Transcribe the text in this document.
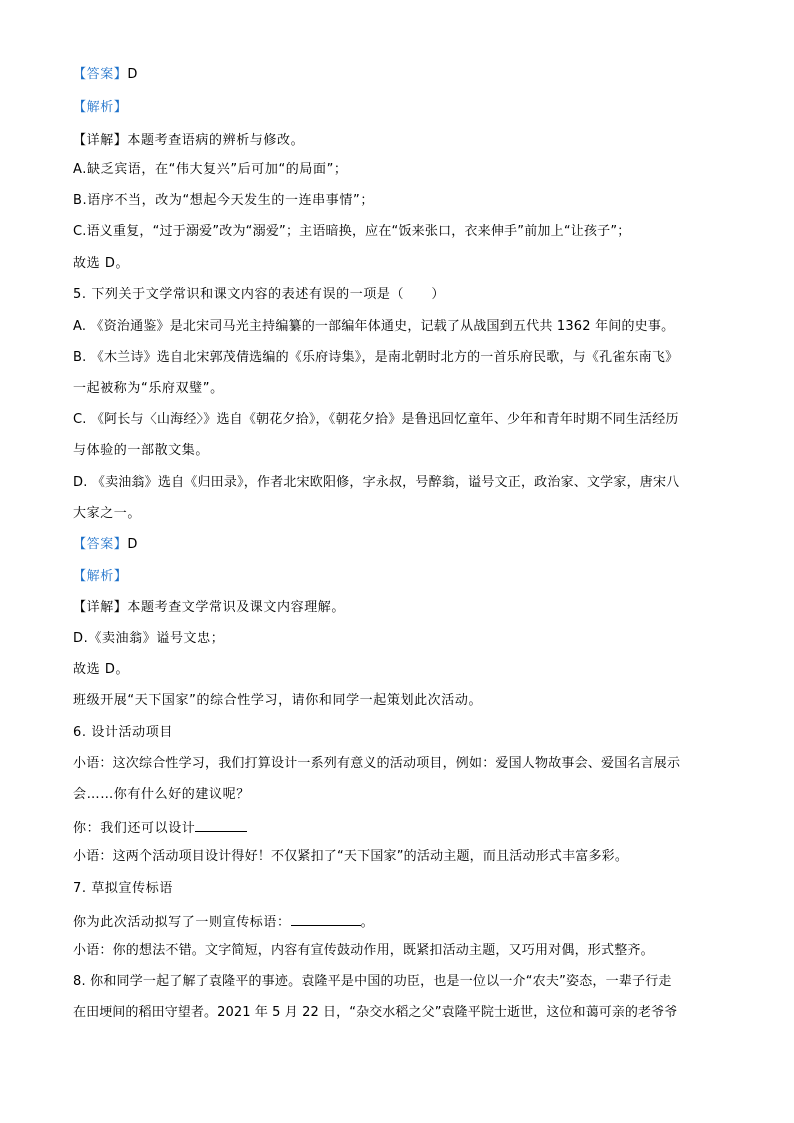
【答案】D
【解析】
【详解】本题考查语病的辨析与修改。
A.缺乏宾语，在“伟大复兴”后可加“的局面”；
B.语序不当，改为“想起今天发生的一连串事情”；
C.语义重复，“过于溺爱”改为“溺爱”；主语暗换，应在“饭来张口，衣来伸手”前加上“让孩子”；
故选 D。
5. 下列关于文学常识和课文内容的表述有误的一项是（　　）
A. 《资治通鉴》是北宋司马光主持编纂的一部编年体通史，记载了从战国到五代共 1362 年间的史事。
B. 《木兰诗》选自北宋郭茂倩选编的《乐府诗集》，是南北朝时北方的一首乐府民歌，与《孔雀东南飞》
一起被称为“乐府双璧”。
C. 《阿长与〈山海经〉》选自《朝花夕拾》，《朝花夕拾》是鲁迅回忆童年、少年和青年时期不同生活经历
与体验的一部散文集。
D. 《卖油翁》选自《归田录》，作者北宋欧阳修，字永叔，号醉翁，谥号文正，政治家、文学家，唐宋八
大家之一。
【答案】D
【解析】
【详解】本题考查文学常识及课文内容理解。
D.《卖油翁》谥号文忠；
故选 D。
班级开展“天下国家”的综合性学习，请你和同学一起策划此次活动。
6. 设计活动项目
小语：这次综合性学习，我们打算设计一系列有意义的活动项目，例如：爱国人物故事会、爱国名言展示
会……你有什么好的建议呢？
你：我们还可以设计
小语：这两个活动项目设计得好！不仅紧扣了“天下国家”的活动主题，而且活动形式丰富多彩。
7. 草拟宣传标语
你为此次活动拟写了一则宣传标语：	。
小语：你的想法不错。文字简短，内容有宣传鼓动作用，既紧扣活动主题，又巧用对偶，形式整齐。
8. 你和同学一起了解了袁隆平的事迹。袁隆平是中国的功臣，也是一位以一介“农夫”姿态，一辈子行走
在田埂间的稻田守望者。2021 年 5 月 22 日，“杂交水稻之父”袁隆平院士逝世，这位和蔼可亲的老爷爷
